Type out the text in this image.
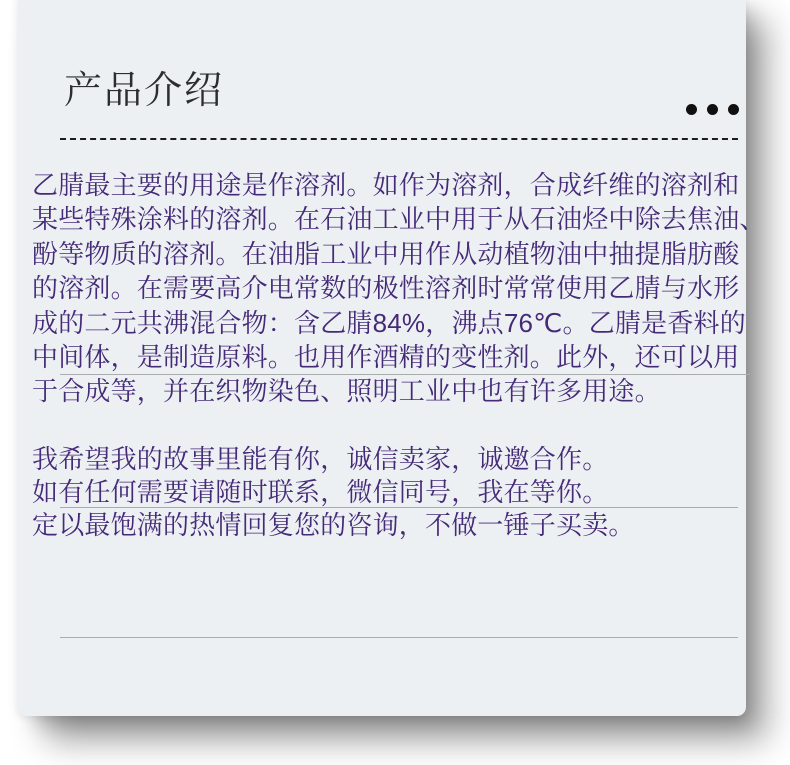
产品介绍
乙腈最主要的用途是作溶剂。如作为溶剂，合成纤维的溶剂和
某些特殊涂料的溶剂。在石油工业中用于从石油烃中除去焦油、
酚等物质的溶剂。在油脂工业中用作从动植物油中抽提脂肪酸
的溶剂。在需要高介电常数的极性溶剂时常常使用乙腈与水形
成的二元共沸混合物：含乙腈84%，沸点76℃。乙腈是香料的
中间体，是制造原料。也用作酒精的变性剂。此外，还可以用
于合成等，并在织物染色、照明工业中也有许多用途。
我希望我的故事里能有你，诚信卖家，诚邀合作。
如有任何需要请随时联系，微信同号，我在等你。
定以最饱满的热情回复您的咨询，不做一锤子买卖。
